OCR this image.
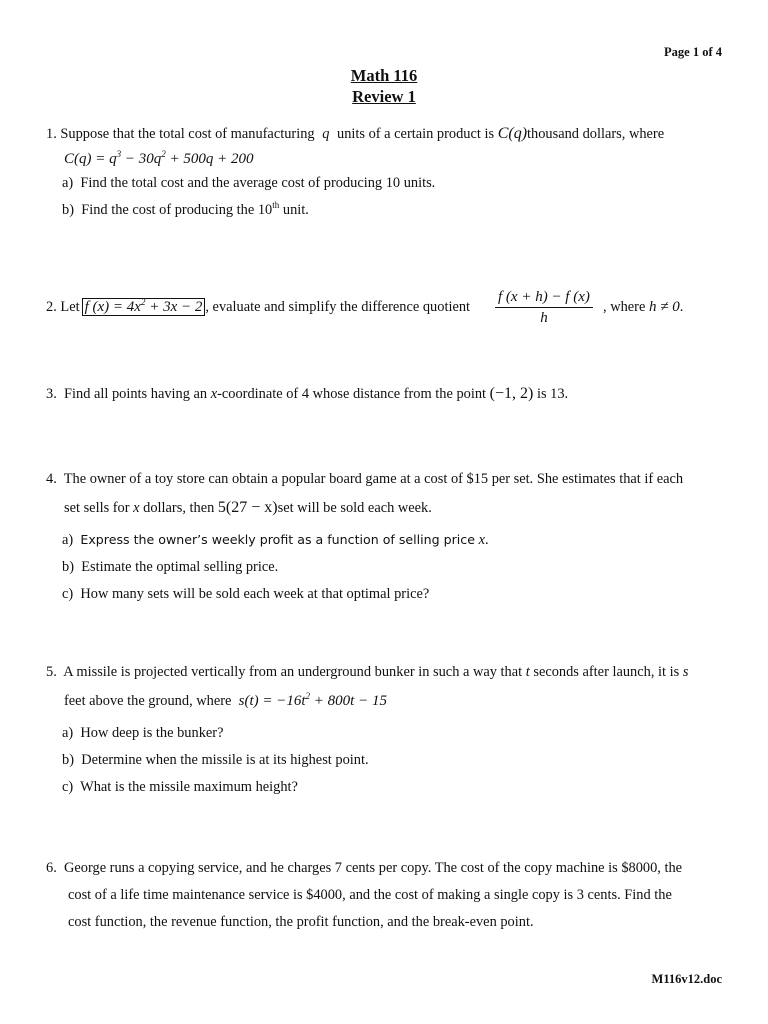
Page 1 of 4
Math 116
Review 1
1. Suppose that the total cost of manufacturing q units of a certain product is C(q)thousand dollars, where
$C(q) = q^3 - 30q^2 + 500q + 200$
a) Find the total cost and the average cost of producing 10 units.
b) Find the cost of producing the 10th unit.
2. Let f $(x) = 4x^2 + 3x - 2$ , evaluate and simplify the difference quotient $\frac{f (x + h) - f (x)}{h}$ , where h ≠ 0.
3. Find all points having an x-coordinate of 4 whose distance from the point (−1, 2) is 13.
4. The owner of a toy store can obtain a popular board game at a cost of $15 per set. She estimates that if each
set sells for x dollars, then 5(27 − x)set will be sold each week.
a) Express the owner’s weekly profit as a function of selling price x.
b) Estimate the optimal selling price.
c) How many sets will be sold each week at that optimal price?
5. A missile is projected vertically from an underground bunker in such a way that t seconds after launch, it is s
feet above the ground, where $s(t) = -16t^2 + 800t - 15$
a) How deep is the bunker?
b) Determine when the missile is at its highest point.
c) What is the missile maximum height?
6. George runs a copying service, and he charges 7 cents per copy. The cost of the copy machine is $8000, the
cost of a life time maintenance service is $4000, and the cost of making a single copy is 3 cents. Find the
cost function, the revenue function, the profit function, and the break-even point.
M116v12.doc
